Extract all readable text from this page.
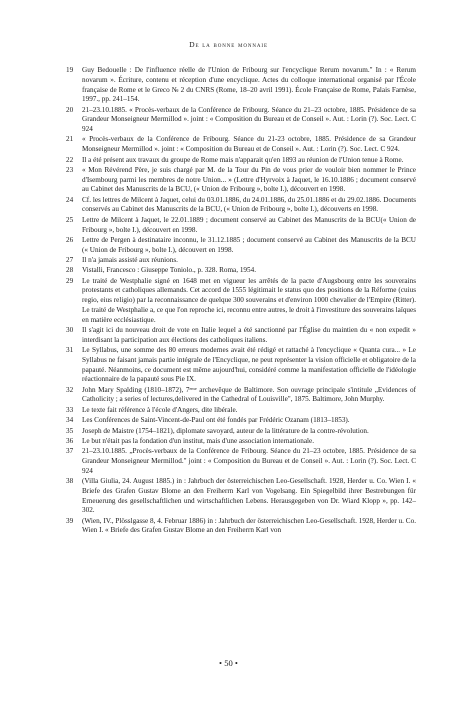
De la bonne monnaie
19	Guy Bedouelle : De l'influence réelle de l'Union de Fribourg sur l'encyclique Rerum novarum." In : « Rerum novarum ». Écriture, contenu et réception d'une encyclique. Actes du colloque international organisé par l'École française de Rome et le Greco № 2 du CNRS (Rome, 18–20 avril 1991). École Française de Rome, Palais Farnèse, 1997., pp. 241–154.
20	21–23.10.1885. « Procès-verbaux de la Conférence de Fribourg. Séance du 21–23 octobre, 1885. Présidence de sa Grandeur Monseigneur Mermillod ». joint : « Composition du Bureau et de Conseil ». Aut. : Lorin (?). Soc. Lect. C 924
21	« Procès-verbaux de la Conférence de Fribourg. Séance du 21-23 octobre, 1885. Présidence de sa Grandeur Monseigneur Mermillod ». joint : « Composition du Bureau et de Conseil ». Aut. : Lorin (?). Soc. Lect. C 924.
22	Il a été présent aux travaux du groupe de Rome mais n'apparait qu'en 1893 au réunion de l'Union tenue à Rome.
23	« Mon Révérend Père, je suis chargé par M. de la Tour du Pin de vous prier de vouloir bien nommer le Prince d'Isembourg parmi les membres de notre Union... » (Lettre d'Hyrvoix à Jaquet, le 16.10.1886 ; document conservé au Cabinet des Manuscrits de la BCU, (« Union de Fribourg », bolte I.), découvert en 1998.
24	Cf. les lettres de Milcent à Jaquet, celui du 03.01.1886, du 24.01.1886, du 25.01.1886 et du 29.02.1886. Documents conservés au Cabinet des Manuscrits de la BCU, (« Union de Fribourg », bolte I.), découverts en 1998.
25	Lettre de Milcent à Jaquet, le 22.01.1889 ; document conservé au Cabinet des Manuscrits de la BCU(« Union de Fribourg », bolte I.), découvert en 1998.
26	Lettre de Pergen à destinataire inconnu, le 31.12.1885 ; document conservé au Cabinet des Manuscrits de la BCU (« Union de Fribourg », bolte I.), découvert en 1998.
27	Il n'a jamais assisté aux réunions.
28	Vistalli, Francesco : Giuseppe Toniolo., p. 328. Roma, 1954.
29	Le traité de Westphalie signé en 1648 met en vigueur les arrêtés de la pacte d'Augsbourg entre les souverains protestants et catholiques allemands. Cet accord de 1555 légitimait le status quo des positions de la Réforme (cuius regio, eius religio) par la reconnaissance de quelque 300 souverains et d'environ 1000 chevalier de l'Empire (Ritter). Le traité de Westphalie a, ce que l'on reproche ici, reconnu entre autres, le droit à l'investiture des souverains laïques en matière ecclésiastique.
30	Il s'agit ici du nouveau droit de vote en Italie lequel a été sanctionné par l'Église du maintien du « non expedit » interdisant la participation aux élections des catholiques italiens.
31	Le Syllabus, une somme des 80 erreurs modernes avait été rédigé et rattaché à l'encyclique « Quanta cura... » Le Syllabus ne faisant jamais partie intégrale de l'Encyclique, ne peut représenter la vision officielle et obligatoire de la papauté. Néanmoins, ce document est même aujourd'hui, considéré comme la manifestation officielle de l'idéologie réactionnaire de la papauté sous Pie IX.
32	John Mary Spalding (1810–1872), 7ᵉᵐᵉ archevêque de Baltimore. Son ouvrage principale s'intitule „Evidences of Catholicity ; a series of lectures,delivered in the Cathedral of Louisville", 1875. Baltimore, John Murphy.
33	Le texte fait référence à l'école d'Angers, dite libérale.
34	Les Conférences de Saint-Vincent-de-Paul ont été fondés par Frédéric Ozanam (1813–1853).
35	Joseph de Maistre (1754–1821), diplomate savoyard, auteur de la littérature de la contre-révolution.
36	Le but n'était pas la fondation d'un institut, mais d'une association internationale.
37	21–23.10.1885. „Procès-verbaux de la Conférence de Fribourg. Séance du 21–23 octobre, 1885. Présidence de sa Grandeur Monseigneur Mermillod." joint : « Composition du Bureau et de Conseil ». Aut. : Lorin (?). Soc. Lect. C 924
38	(Villa Giulia, 24. August 1885.) in : Jahrbuch der österreichischen Leo-Gesellschaft. 1928, Herder u. Co. Wien I. « Briefe des Grafen Gustav Blome an den Freiherrn Karl von Vogelsang. Ein Spiegelbild ihrer Bestrebungen für Erneuerung des gesellschaftlichen und wirtschaftlichen Lebens. Herausgegeben von Dr. Wiard Klopp », pp. 142–302.
39	(Wien, IV., Plösslgasse 8, 4. Februar 1886) in : Jahrbuch der österreichischen Leo-Gesellschaft. 1928, Herder u. Co. Wien I. « Briefe des Grafen Gustav Blome an den Freiherrn Karl von
• 50 •
